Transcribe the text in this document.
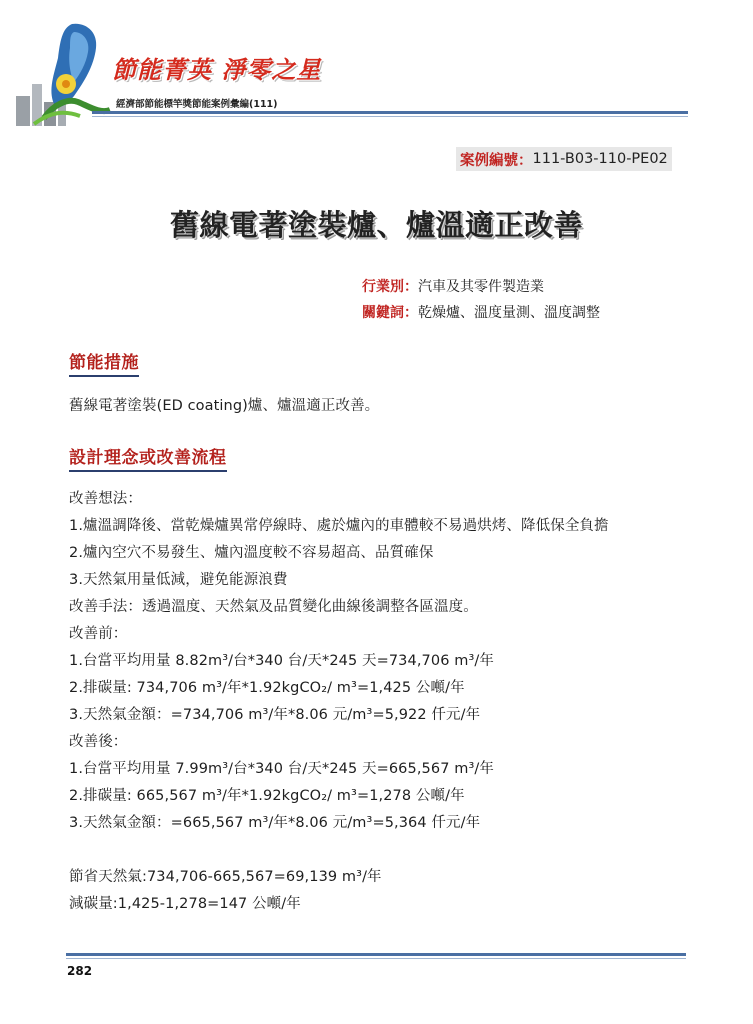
節能菁英 淨零之星
經濟部節能標竿獎節能案例彙編(111)
案例編號： 111-B03-110-PE02
舊線電著塗裝爐、爐溫適正改善
行業別：汽車及其零件製造業
關鍵詞：乾燥爐、溫度量測、溫度調整
節能措施
舊線電著塗裝(ED coating)爐、爐溫適正改善。
設計理念或改善流程
改善想法：
1.爐溫調降後、當乾燥爐異常停線時、處於爐內的車體較不易過烘烤、降低保全負擔
2.爐內空穴不易發生、爐內溫度較不容易超高、品質確保
3.天然氣用量低減，避免能源浪費
改善手法：透過溫度、天然氣及品質變化曲線後調整各區溫度。
改善前：
1.台當平均用量 8.82m³/台*340 台/天*245 天=734,706 m³/年
2.排碳量: 734,706 m³/年*1.92kgCO₂/ m³=1,425 公噸/年
3.天然氣金額：=734,706 m³/年*8.06 元/m³=5,922 仟元/年
改善後：
1.台當平均用量 7.99m³/台*340 台/天*245 天=665,567 m³/年
2.排碳量: 665,567 m³/年*1.92kgCO₂/ m³=1,278 公噸/年
3.天然氣金額：=665,567 m³/年*8.06 元/m³=5,364 仟元/年
節省天然氣:734,706-665,567=69,139 m³/年
減碳量:1,425-1,278=147 公噸/年
282
